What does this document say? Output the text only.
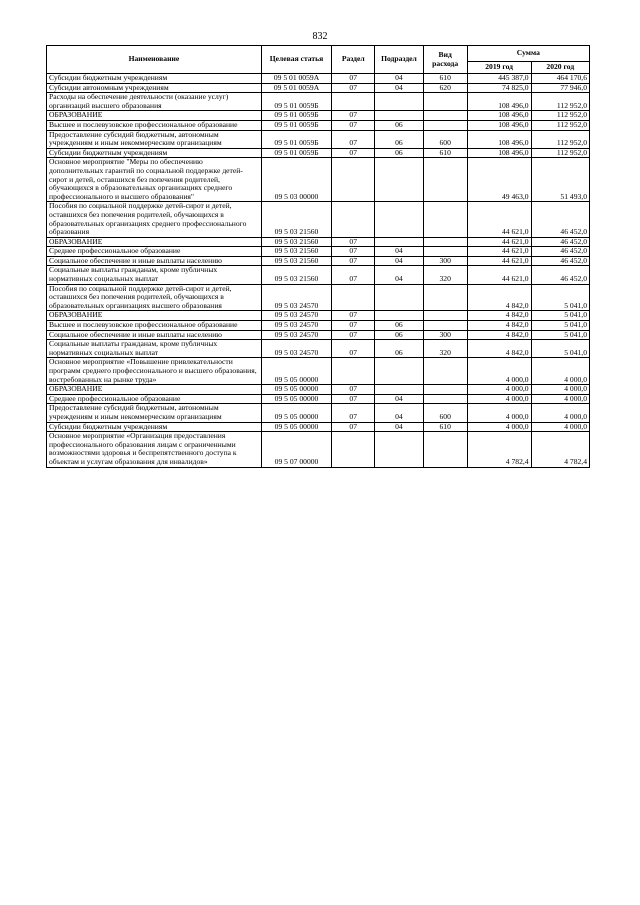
832
Наименование	Целевая статья	Раздел	Подраздел	Вид расхода	Сумма	
					2019 год	2020 год
Субсидии бюджетным учреждениям	09 5 01 0059А	07	04	610	445 387,0	464 170,6
Субсидии автономным учреждениям	09 5 01 0059А	07	04	620	74 825,0	77 946,0
Расходы на обеспечение деятельности (оказание услуг) организаций высшего образования	09 5 01 0059Б				108 496,0	112 952,0
ОБРАЗОВАНИЕ	09 5 01 0059Б	07			108 496,0	112 952,0
Высшее и послевузовское профессиональное образование	09 5 01 0059Б	07	06		108 496,0	112 952,0
Предоставление субсидий бюджетным, автономным учреждениям и иным некоммерческим организациям	09 5 01 0059Б	07	06	600	108 496,0	112 952,0
Субсидии бюджетным учреждениям	09 5 01 0059Б	07	06	610	108 496,0	112 952,0
Основное мероприятие "Меры по обеспечению дополнительных гарантий по социальной поддержке детей-сирот и детей, оставшихся без попечения родителей, обучающихся в образовательных организациях среднего профессионального и высшего образования"	09 5 03 00000				49 463,0	51 493,0
Пособия по социальной поддержке детей-сирот и детей, оставшихся без попечения родителей, обучающихся в образовательных организациях среднего профессионального образования	09 5 03 21560				44 621,0	46 452,0
ОБРАЗОВАНИЕ	09 5 03 21560	07			44 621,0	46 452,0
Среднее профессиональное образование	09 5 03 21560	07	04		44 621,0	46 452,0
Социальное обеспечение и иные выплаты населению	09 5 03 21560	07	04	300	44 621,0	46 452,0
Социальные выплаты гражданам, кроме публичных нормативных социальных выплат	09 5 03 21560	07	04	320	44 621,0	46 452,0
Пособия по социальной поддержке детей-сирот и детей, оставшихся без попечения родителей, обучающихся в образовательных организациях высшего образования	09 5 03 24570				4 842,0	5 041,0
ОБРАЗОВАНИЕ	09 5 03 24570	07			4 842,0	5 041,0
Высшее и послевузовское профессиональное образование	09 5 03 24570	07	06		4 842,0	5 041,0
Социальное обеспечение и иные выплаты населению	09 5 03 24570	07	06	300	4 842,0	5 041,0
Социальные выплаты гражданам, кроме публичных нормативных социальных выплат	09 5 03 24570	07	06	320	4 842,0	5 041,0
Основное мероприятие «Повышение привлекательности программ среднего профессионального и высшего образования, востребованных на рынке труда»	09 5 05 00000				4 000,0	4 000,0
ОБРАЗОВАНИЕ	09 5 05 00000	07			4 000,0	4 000,0
Среднее профессиональное образование	09 5 05 00000	07	04		4 000,0	4 000,0
Предоставление субсидий бюджетным, автономным учреждениям и иным некоммерческим организациям	09 5 05 00000	07	04	600	4 000,0	4 000,0
Субсидии бюджетным учреждениям	09 5 05 00000	07	04	610	4 000,0	4 000,0
Основное мероприятие «Организация предоставления профессионального образования лицам с ограниченными возможностями здоровья и беспрепятственного доступа к объектам и услугам образования для инвалидов»	09 5 07 00000				4 782,4	4 782,4
